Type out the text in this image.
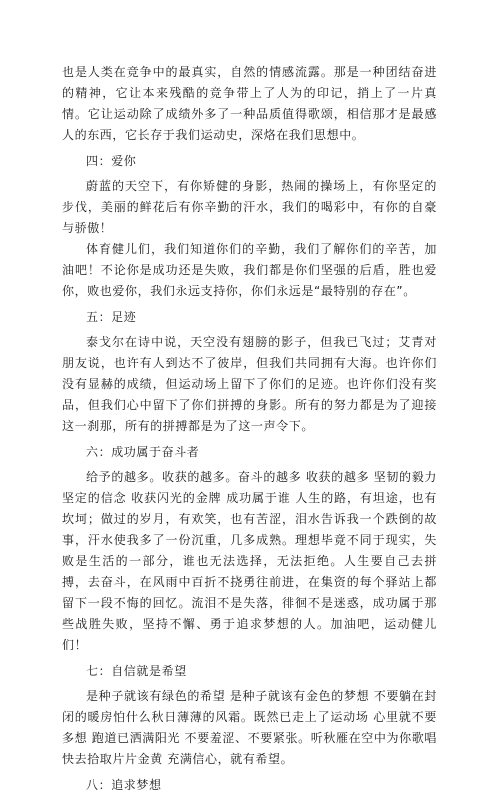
也是人类在竞争中的最真实，自然的情感流露。那是一种团结奋进的精神，它让本来残酷的竞争带上了人为的印记，捎上了一片真情。它让运动除了成绩外多了一种品质值得歌颂，相信那才是最感人的东西，它长存于我们运动史，深烙在我们思想中。

四：爱你

蔚蓝的天空下，有你矫健的身影，热闹的操场上，有你坚定的步伐，美丽的鲜花后有你辛勤的汗水，我们的喝彩中，有你的自豪与骄傲！

体育健儿们，我们知道你们的辛勤，我们了解你们的辛苦，加油吧！不论你是成功还是失败，我们都是你们坚强的后盾，胜也爱你，败也爱你，我们永远支持你，你们永远是“最特别的存在”。

五：足迹

泰戈尔在诗中说，天空没有翅膀的影子，但我已飞过；艾青对朋友说，也许有人到达不了彼岸，但我们共同拥有大海。也许你们没有显赫的成绩，但运动场上留下了你们的足迹。也许你们没有奖品，但我们心中留下了你们拼搏的身影。所有的努力都是为了迎接这一刹那，所有的拼搏都是为了这一声令下。

六：成功属于奋斗者

给予的越多。收获的越多。奋斗的越多 收获的越多 坚韧的毅力 坚定的信念 收获闪光的金牌 成功属于谁 人生的路，有坦途，也有坎坷；做过的岁月，有欢笑，也有苦涩，泪水告诉我一个跌倒的故事，汗水使我多了一份沉重，几多成熟。理想毕竟不同于现实，失败是生活的一部分，谁也无法选择，无法拒绝。人生要自己去拼搏，去奋斗，在风雨中百折不挠勇往前进，在集资的每个驿站上都留下一段不悔的回忆。流泪不是失落，徘徊不是迷惑，成功属于那些战胜失败，坚持不懈、勇于追求梦想的人。加油吧，运动健儿们！

七：自信就是希望

是种子就该有绿色的希望 是种子就该有金色的梦想 不要躺在封闭的暖房怕什么秋日薄薄的风霜。既然已走上了运动场 心里就不要多想 跑道已洒满阳光 不要羞涩、不要紧张。听秋雁在空中为你歌唱 快去拾取片片金黄 充满信心，就有希望。

八：追求梦想
